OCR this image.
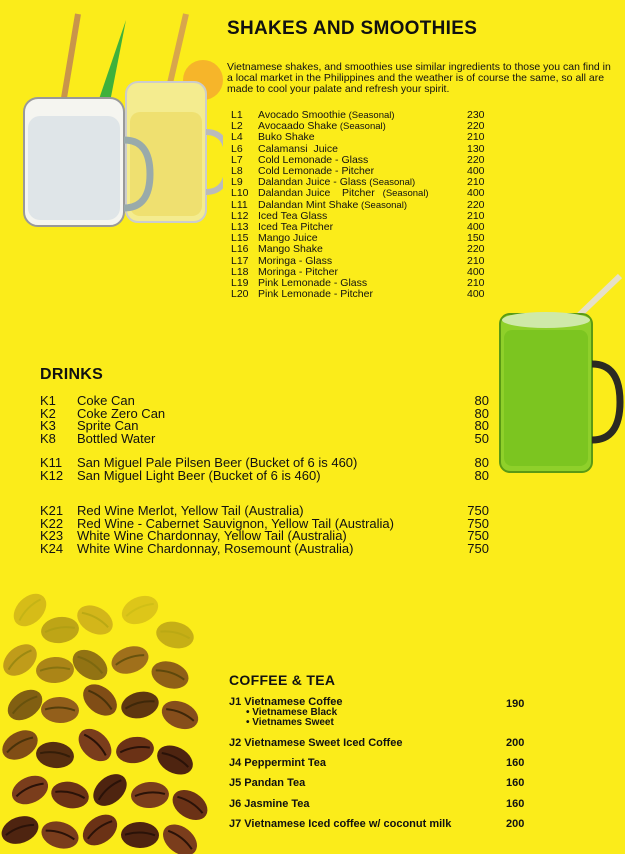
SHAKES AND SMOOTHIES
Vietnamese shakes, and smoothies use similar ingredients to those you can find in a local market in the Philippines and the weather is of course the same, so all are made to cool your palate and refresh your spirit.
L1	Avocado Smoothie (Seasonal)	230
L2	Avocaado Shake (Seasonal)	220
L4	Buko Shake	210
L6	Calamansi  Juice	130
L7	Cold Lemonade - Glass	220
L8	Cold Lemonade - Pitcher	400
L9	Dalandan Juice - Glass (Seasonal)	210
L10 Dalandan Juice    Pitcher (Seasonal)	400
L11 Dalandan Mint Shake (Seasonal)	220
L12 Iced Tea Glass	210
L13 Iced Tea Pitcher	400
L15 Mango Juice	150
L16 Mango Shake	220
L17 Moringa - Glass	210
L18 Moringa - Pitcher	400
L19 Pink Lemonade - Glass	210
L20 Pink Lemonade - Pitcher	400
DRINKS
K1 Coke Can	80
K2 Coke Zero Can	80
K3 Sprite Can	80
K8 Bottled Water	50
K11 San Miguel Pale Pilsen Beer (Bucket of 6 is 460)	80
K12 San Miguel Light Beer (Bucket of 6 is 460)	80
K21 Red Wine Merlot, Yellow Tail (Australia)	750
K22 Red Wine - Cabernet Sauvignon, Yellow Tail (Australia)	750
K23 White Wine Chardonnay, Yellow Tail (Australia)	750
K24 White Wine Chardonnay, Rosemount (Australia)	750
COFFEE & TEA
J1 Vietnamese Coffee	190
• Vietnamese Black
• Vietnames Sweet
J2 Vietnamese Sweet Iced Coffee	200
J4 Peppermint Tea	160
J5 Pandan Tea	160
J6 Jasmine Tea	160
J7 Vietnamese Iced coffee w/ coconut milk	200
